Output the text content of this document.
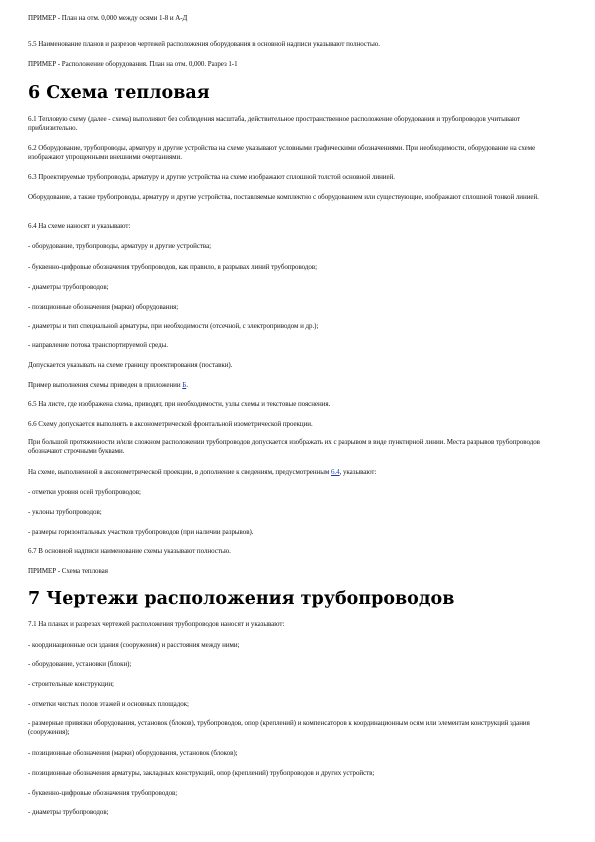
ПРИМЕР - План на отм. 0,000 между осями 1-8 и А-Д

5.5 Наименование планов и разрезов чертежей расположения оборудования в основной надписи указывают полностью.

ПРИМЕР - Расположение оборудования. План на отм. 0,000. Разрез 1-1

6 Схема тепловая

6.1 Тепловую схему (далее - схема) выполняют без соблюдения масштаба, действительное пространственное расположение оборудования и трубопроводов учитывают приблизительно.

6.2 Оборудование, трубопроводы, арматуру и другие устройства на схеме указывают условными графическими обозначениями. При необходимости, оборудование на схеме изображают упрощенными внешними очертаниями.

6.3 Проектируемые трубопроводы, арматуру и другие устройства на схеме изображают сплошной толстой основной линией.

Оборудование, а также трубопроводы, арматуру и другие устройства, поставляемые комплектно с оборудованием или существующие, изображают сплошной тонкой линией.

6.4 На схеме наносят и указывают:

- оборудование, трубопроводы, арматуру и другие устройства;

- буквенно-цифровые обозначения трубопроводов, как правило, в разрывах линий трубопроводов;

- диаметры трубопроводов;

- позиционные обозначения (марки) оборудования;

- диаметры и тип специальной арматуры, при необходимости (отсечной, с электроприводом и др.);

- направление потока транспортируемой среды.

Допускается указывать на схеме границу проектирования (поставки).

Пример выполнения схемы приведен в приложении Б.

6.5 На листе, где изображена схема, приводят, при необходимости, узлы схемы и текстовые пояснения.

6.6 Схему допускается выполнять в аксонометрической фронтальной изометрической проекции.

При большой протяженности и/или сложном расположении трубопроводов допускается изображать их с разрывом в виде пунктирной линии. Места разрывов трубопроводов обозначают строчными буквами.

На схеме, выполненной в аксонометрической проекции, в дополнение к сведениям, предусмотренным 6.4, указывают:

- отметки уровня осей трубопроводов;

- уклоны трубопроводов;

- размеры горизонтальных участков трубопроводов (при наличии разрывов).

6.7 В основной надписи наименование схемы указывают полностью.

ПРИМЕР - Схема тепловая

7 Чертежи расположения трубопроводов

7.1 На планах и разрезах чертежей расположения трубопроводов наносят и указывают:

- координационные оси здания (сооружения) и расстояния между ними;

- оборудование, установки (блоки);

- строительные конструкции;

- отметки чистых полов этажей и основных площадок;

- размерные привязки оборудования, установок (блоков), трубопроводов, опор (креплений) и компенсаторов к координационным осям или элементам конструкций здания (сооружения);

- позиционные обозначения (марки) оборудования, установок (блоков);

- позиционные обозначения арматуры, закладных конструкций, опор (креплений) трубопроводов и других устройств;

- буквенно-цифровые обозначения трубопроводов;

- диаметры трубопроводов;
